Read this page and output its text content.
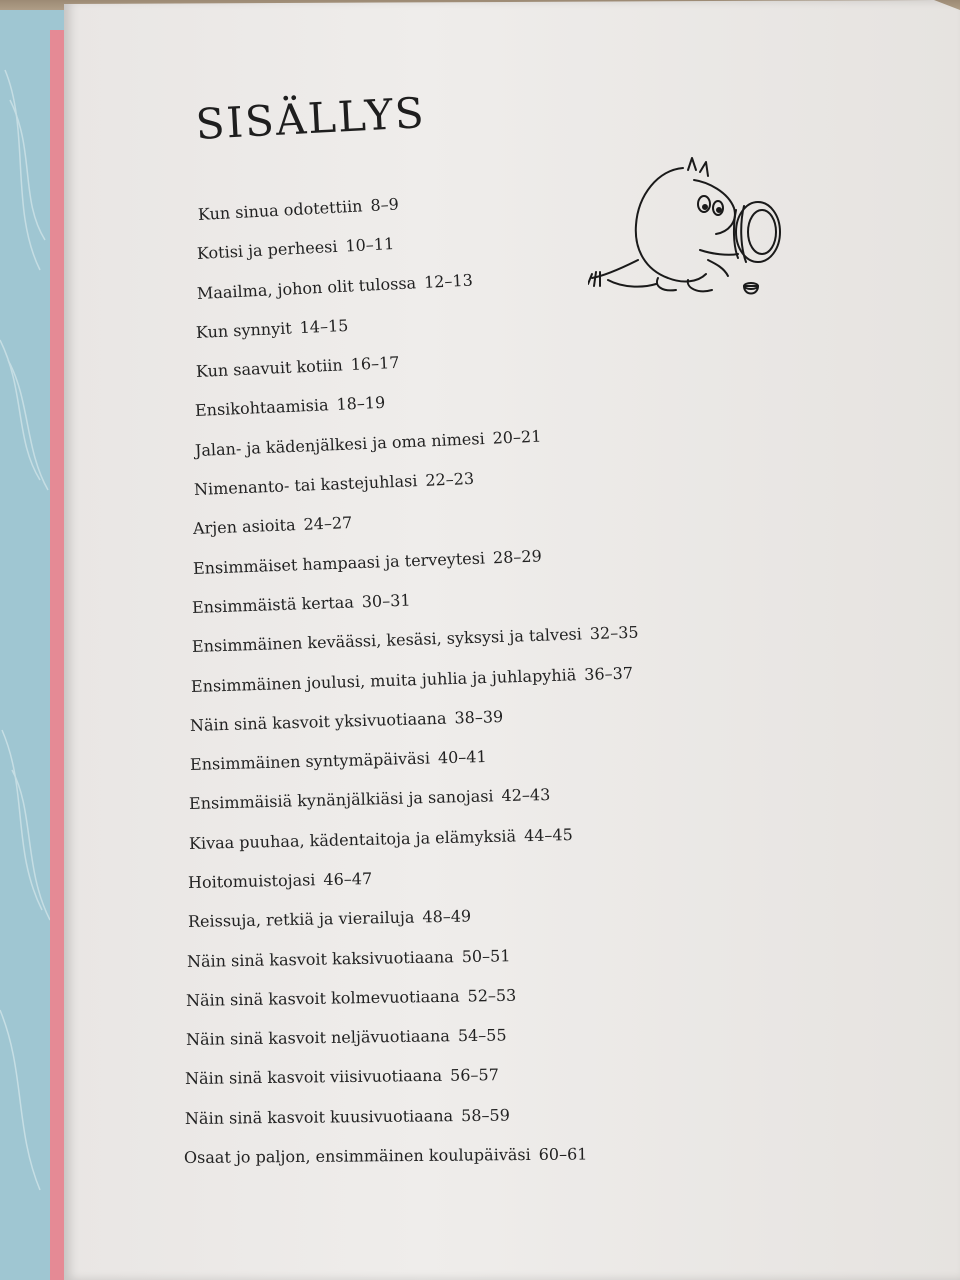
SISÄLLYS
Kun sinua odotettiin 8–9
Kotisi ja perheesi 10–11
Maailma, johon olit tulossa 12–13
Kun synnyit 14–15
Kun saavuit kotiin 16–17
Ensikohtaamisia 18–19
Jalan- ja kädenjälkesi ja oma nimesi 20–21
Nimenanto- tai kastejuhlasi 22–23
Arjen asioita 24–27
Ensimmäiset hampaasi ja terveytesi 28–29
Ensimmäistä kertaa 30–31
Ensimmäinen keväässi, kesäsi, syksysi ja talvesi 32–35
Ensimmäinen joulusi, muita juhlia ja juhlapyhiä 36–37
Näin sinä kasvoit yksivuotiaana 38–39
Ensimmäinen syntymäpäiväsi 40–41
Ensimmäisiä kynänjälkiäsi ja sanojasi 42–43
Kivaa puuhaa, kädentaitoja ja elämyksiä 44–45
Hoitomuistojasi 46–47
Reissuja, retkiä ja vierailuja 48–49
Näin sinä kasvoit kaksivuotiaana 50–51
Näin sinä kasvoit kolmevuotiaana 52–53
Näin sinä kasvoit neljävuotiaana 54–55
Näin sinä kasvoit viisivuotiaana 56–57
Näin sinä kasvoit kuusivuotiaana 58–59
Osaat jo paljon, ensimmäinen koulupäiväsi 60–61
